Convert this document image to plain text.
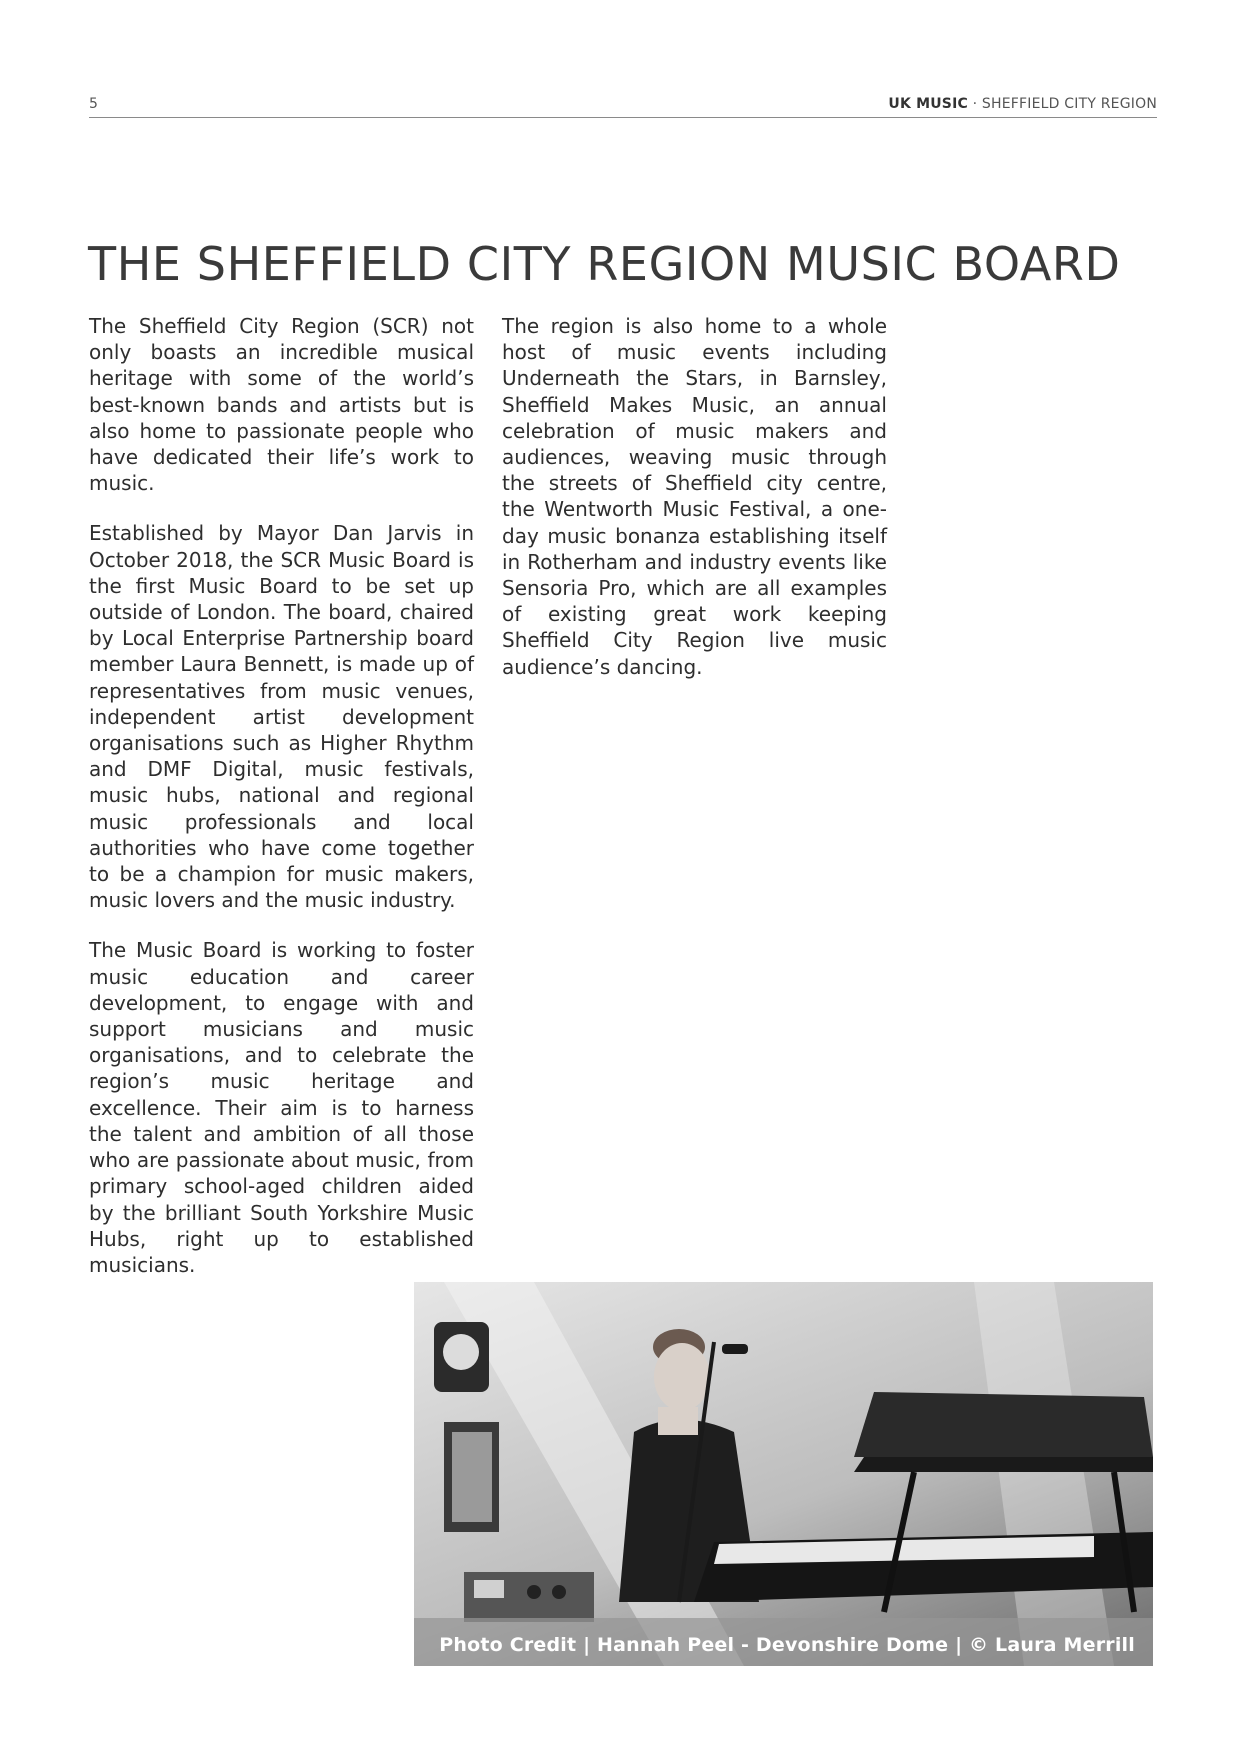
5	UK MUSIC · SHEFFIELD CITY REGION
THE SHEFFIELD CITY REGION MUSIC BOARD

The Sheffield City Region (SCR) not only boasts an incredible musical heritage with some of the world’s best-known bands and artists but is also home to passionate people who have dedicated their life’s work to music.

Established by Mayor Dan Jarvis in October 2018, the SCR Music Board is the first Music Board to be set up outside of London. The board, chaired by Local Enterprise Partnership board member Laura Bennett, is made up of representatives from music venues, independent artist development organisations such as Higher Rhythm and DMF Digital, music festivals, music hubs, national and regional music professionals and local authorities who have come together to be a champion for music makers, music lovers and the music industry.

The Music Board is working to foster music education and career development, to engage with and support musicians and music organisations, and to celebrate the region’s music heritage and excellence. Their aim is to harness the talent and ambition of all those who are passionate about music, from primary school-aged children aided by the brilliant South Yorkshire Music Hubs, right up to established musicians.

The region is also home to a whole host of music events including Underneath the Stars, in Barnsley, Sheffield Makes Music, an annual celebration of music makers and audiences, weaving music through the streets of Sheffield city centre, the Wentworth Music Festival, a one-day music bonanza establishing itself in Rotherham and industry events like Sensoria Pro, which are all examples of existing great work keeping Sheffield City Region live music audience’s dancing.

Photo Credit | Hannah Peel - Devonshire Dome | © Laura Merrill
